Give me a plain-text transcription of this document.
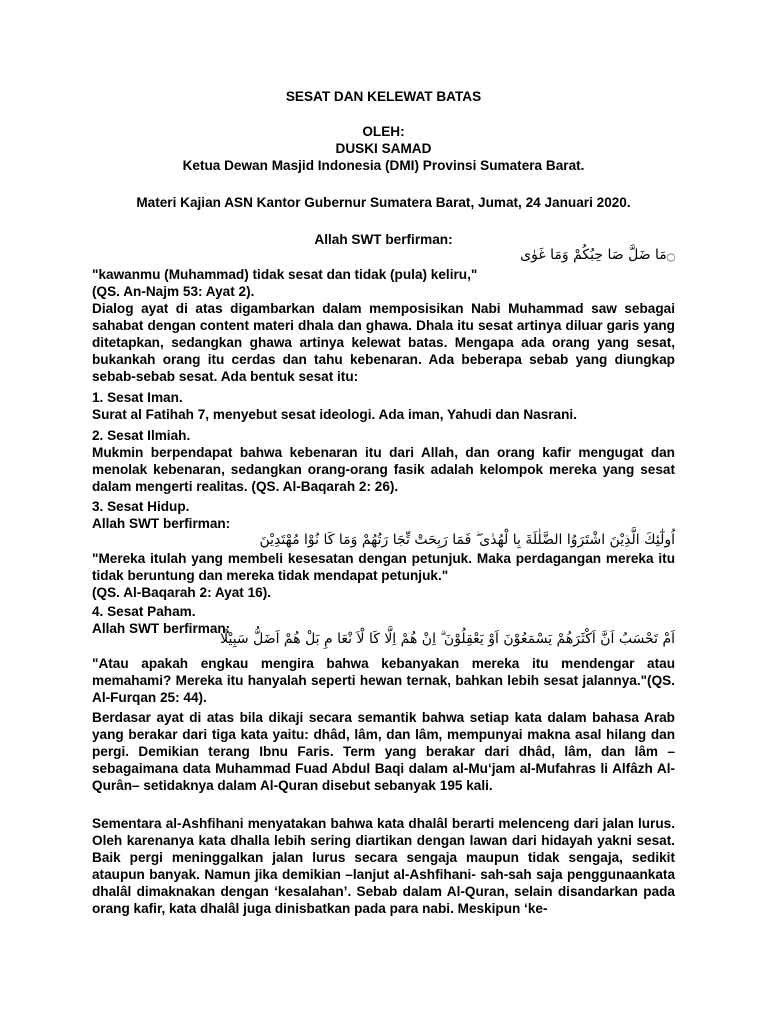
SESAT DAN KELEWAT BATAS
OLEH:
DUSKI SAMAD
Ketua Dewan Masjid Indonesia (DMI) Provinsi Sumatera Barat.
Materi Kajian ASN Kantor Gubernur Sumatera Barat, Jumat, 24 Januari 2020.
Allah SWT berfirman:
۝مَا ضَلَّ صَا حِبُكُمْ وَمَا غَوٰى
"kawanmu (Muhammad) tidak sesat dan tidak (pula) keliru,"
(QS. An-Najm 53: Ayat 2).
Dialog ayat di atas digambarkan dalam memposisikan Nabi Muhammad saw sebagai sahabat dengan content materi dhala dan ghawa. Dhala itu sesat artinya diluar garis yang ditetapkan, sedangkan ghawa artinya kelewat batas. Mengapa ada orang yang sesat, bukankah orang itu cerdas dan tahu kebenaran. Ada beberapa sebab yang diungkap sebab-sebab sesat. Ada bentuk sesat itu:
1. Sesat Iman.
Surat al Fatihah 7, menyebut sesat ideologi. Ada iman, Yahudi dan Nasrani.
2. Sesat Ilmiah.
Mukmin berpendapat bahwa kebenaran itu dari Allah, dan orang kafir mengugat dan menolak kebenaran, sedangkan orang-orang fasik adalah kelompok mereka yang sesat dalam mengerti realitas. (QS. Al-Baqarah 2: 26).
3. Sesat Hidup.
Allah SWT berfirman:
اُولٰٓئِكَ الَّذِيْنَ اشْتَرَوُا الضَّلٰلَةَ بِا لْهُدٰى ۖ فَمَا رَبِحَتْ تِّجَا رَتُهُمْ وَمَا كَا نُوْا مُهْتَدِيْنَ
"Mereka itulah yang membeli kesesatan dengan petunjuk. Maka perdagangan mereka itu tidak beruntung dan mereka tidak mendapat petunjuk."
(QS. Al-Baqarah 2: Ayat 16).
4. Sesat Paham.
Allah SWT berfirman:
اَمْ تَحْسَبُ اَنَّ اَكْثَرَهُمْ يَسْمَعُوْنَ اَوْ يَعْقِلُوْنَ ۗ اِنْ هُمْ اِلَّا كَا لْاَ نْعَا مِ بَلْ هُمْ اَضَلُّ سَبِيْلًا
"Atau apakah engkau mengira bahwa kebanyakan mereka itu mendengar atau memahami? Mereka itu hanyalah seperti hewan ternak, bahkan lebih sesat jalannya."(QS. Al-Furqan 25: 44).
Berdasar ayat di atas bila dikaji secara semantik bahwa setiap kata dalam bahasa Arab yang berakar dari tiga kata yaitu: dhâd, lâm, dan lâm, mempunyai makna asal hilang dan pergi. Demikian terang Ibnu Faris. Term yang berakar dari dhâd, lâm, dan lâm – sebagaimana data Muhammad Fuad Abdul Baqi dalam al-Mu‘jam al-Mufahras li Alfâzh Al-Qurân– setidaknya dalam Al-Quran disebut sebanyak 195 kali.
Sementara al-Ashfihani menyatakan bahwa kata dhalâl berarti melenceng dari jalan lurus. Oleh karenanya kata dhalla lebih sering diartikan dengan lawan dari hidayah yakni sesat. Baik pergi meninggalkan jalan lurus secara sengaja maupun tidak sengaja, sedikit ataupun banyak. Namun jika demikian –lanjut al-Ashfihani- sah-sah saja penggunaankata dhalâl dimaknakan dengan ‘kesalahan’. Sebab dalam Al-Quran, selain disandarkan pada orang kafir, kata dhalâl juga dinisbatkan pada para nabi. Meskipun ‘ke-
